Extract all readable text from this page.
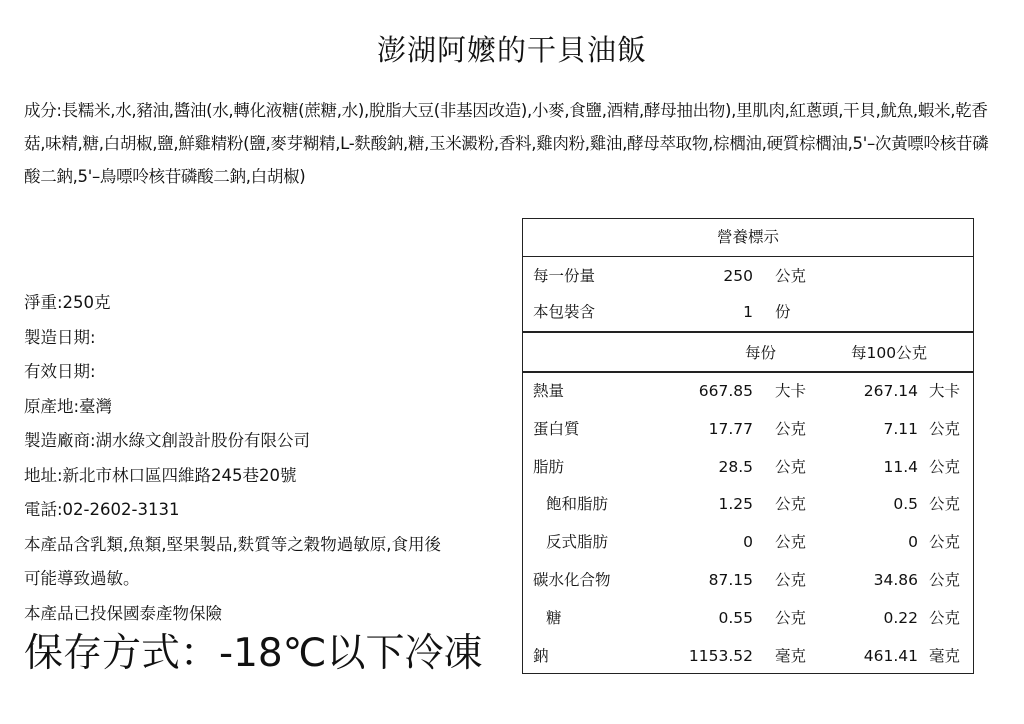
澎湖阿嬤的干貝油飯
成分:長糯米,水,豬油,醬油(水,轉化液糖(蔗糖,水),脫脂大豆(非基因改造),小麥,食鹽,酒精,酵母抽出物),里肌肉,紅蔥頭,干貝,魷魚,蝦米,乾香菇,味精,糖,白胡椒,鹽,鮮雞精粉(鹽,麥芽糊精,L-麩酸鈉,糖,玉米澱粉,香料,雞肉粉,雞油,酵母萃取物,棕櫚油,硬質棕櫚油,5'–次黃嘌呤核苷磷酸二鈉,5'–鳥嘌呤核苷磷酸二鈉,白胡椒)
淨重:250克
製造日期:
有效日期:
原產地:臺灣
製造廠商:湖水綠文創設計股份有限公司
地址:新北市林口區四維路245巷20號
電話:02-2602-3131
本產品含乳類,魚類,堅果製品,麩質等之穀物過敏原,食用後
可能導致過敏。
本產品已投保國泰產物保險
保存方式：-18℃以下冷凍
營養標示
每一份量	250 公克
本包裝含	1 份
每份	每100公克
熱量	667.85 大卡	267.14 大卡
蛋白質	17.77 公克	7.11 公克
脂肪	28.5 公克	11.4 公克
飽和脂肪	1.25 公克	0.5 公克
反式脂肪	0 公克	0 公克
碳水化合物	87.15 公克	34.86 公克
糖	0.55 公克	0.22 公克
鈉	1153.52 毫克	461.41 毫克
